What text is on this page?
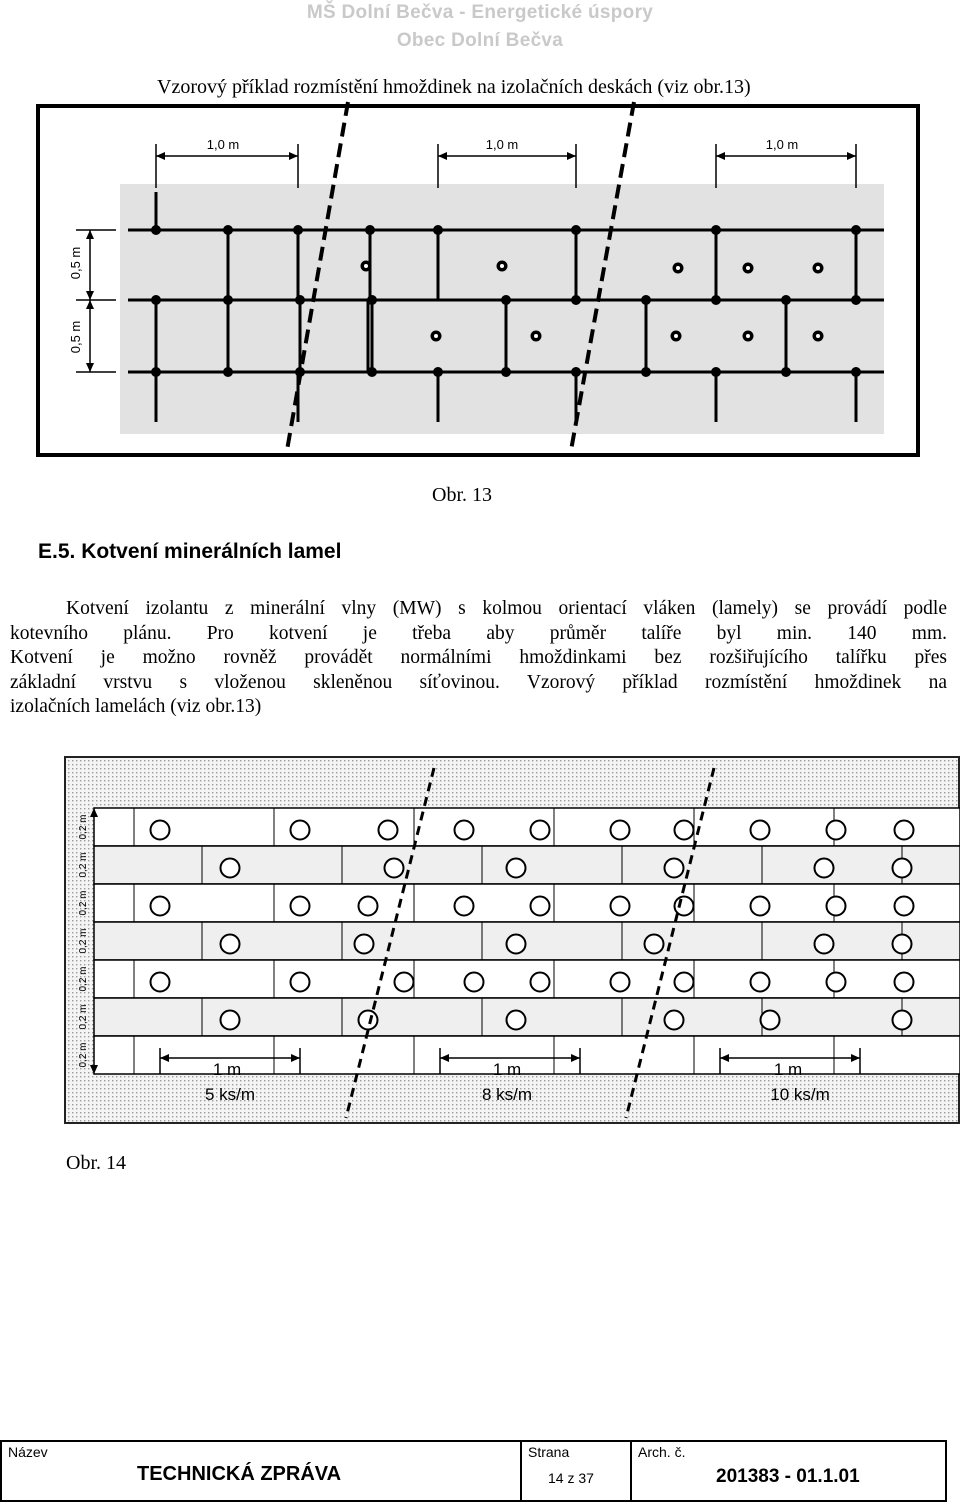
MŠ Dolní Bečva - Energetické úspory
Obec Dolní Bečva
Vzorový příklad rozmístění hmoždinek na izolačních deskách (viz obr.13)
1,0 m	1,0 m	1,0 m
0,5 m
0,5 m
Obr. 13
E.5. Kotvení minerálních lamel
Kotvení izolantu z minerální vlny (MW) s kolmou orientací vláken (lamely) se provádí podle
kotevního plánu. Pro kotvení je třeba aby průměr talíře byl min. 140 mm.
Kotvení je možno rovněž provádět normálními hmoždinkami bez rozšiřujícího talířku přes
základní vrstvu s vloženou skleněnou síťovinou. Vzorový příklad rozmístění hmoždinek na
izolačních lamelách (viz obr.13)
0,2 m
0,2 m
0,2 m
0,2 m
0,2 m
0,2 m
0,2 m
1 m	1 m	1 m
5 ks/m	8 ks/m	10 ks/m
Obr. 14
Název
TECHNICKÁ ZPRÁVA
Strana
14 z 37
Arch. č.
201383 - 01.1.01
